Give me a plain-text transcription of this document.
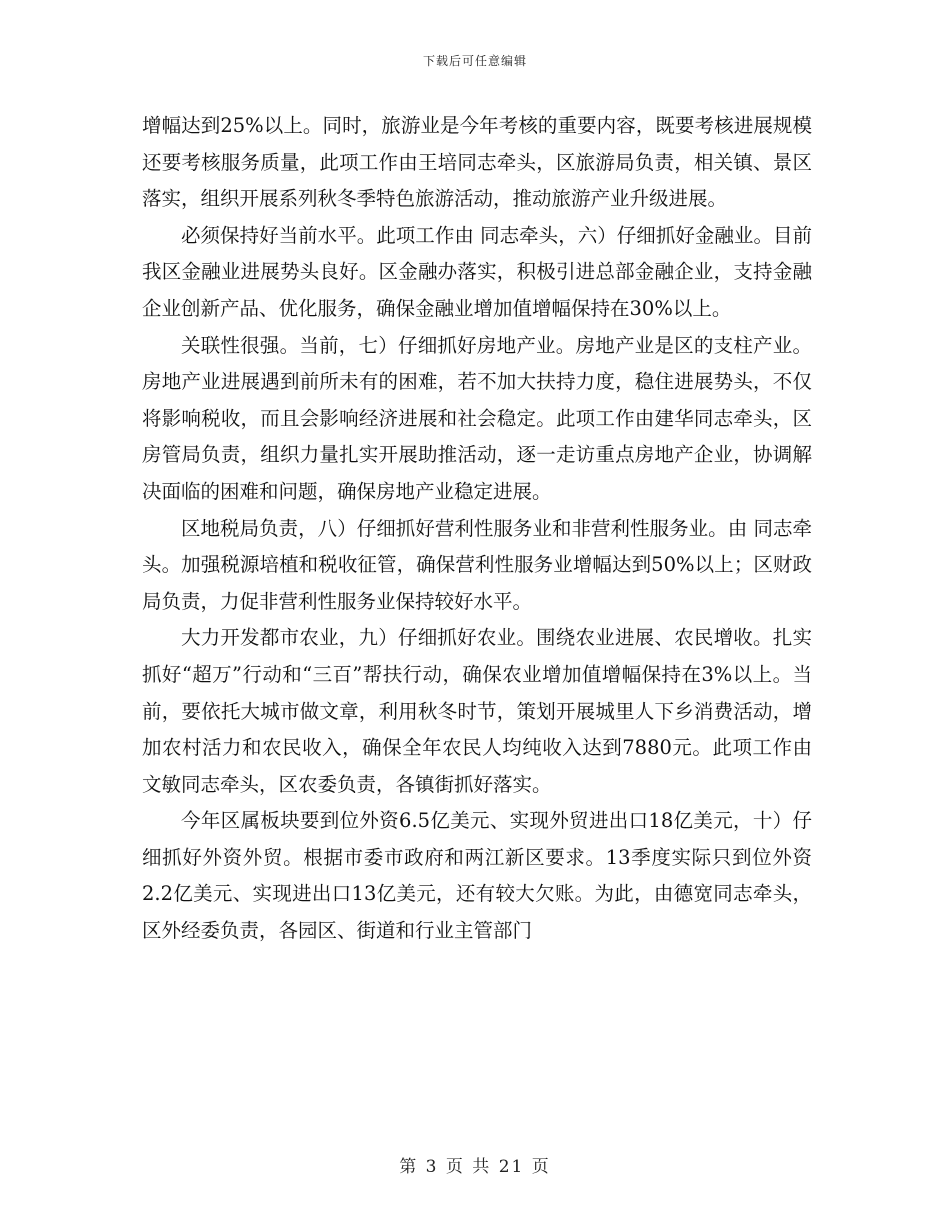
下载后可任意编辑

增幅达到25%以上。同时，旅游业是今年考核的重要内容，既要考核进展规模还要考核服务质量，此项工作由王培同志牵头，区旅游局负责，相关镇、景区落实，组织开展系列秋冬季特色旅游活动，推动旅游产业升级进展。

必须保持好当前水平。此项工作由 同志牵头，六）仔细抓好金融业。目前我区金融业进展势头良好。区金融办落实，积极引进总部金融企业，支持金融企业创新产品、优化服务，确保金融业增加值增幅保持在30%以上。

关联性很强。当前，七）仔细抓好房地产业。房地产业是区的支柱产业。房地产业进展遇到前所未有的困难，若不加大扶持力度，稳住进展势头，不仅将影响税收，而且会影响经济进展和社会稳定。此项工作由建华同志牵头，区房管局负责，组织力量扎实开展助推活动，逐一走访重点房地产企业，协调解决面临的困难和问题，确保房地产业稳定进展。

区地税局负责，八）仔细抓好营利性服务业和非营利性服务业。由 同志牵头。加强税源培植和税收征管，确保营利性服务业增幅达到50%以上；区财政局负责，力促非营利性服务业保持较好水平。

大力开发都市农业，九）仔细抓好农业。围绕农业进展、农民增收。扎实抓好“超万”行动和“三百”帮扶行动，确保农业增加值增幅保持在3%以上。当前，要依托大城市做文章，利用秋冬时节，策划开展城里人下乡消费活动，增加农村活力和农民收入，确保全年农民人均纯收入达到7880元。此项工作由文敏同志牵头，区农委负责，各镇街抓好落实。

今年区属板块要到位外资6.5亿美元、实现外贸进出口18亿美元，十）仔细抓好外资外贸。根据市委市政府和两江新区要求。13季度实际只到位外资2.2亿美元、实现进出口13亿美元，还有较大欠账。为此，由德宽同志牵头，区外经委负责，各园区、街道和行业主管部门

第 3 页 共 21 页
